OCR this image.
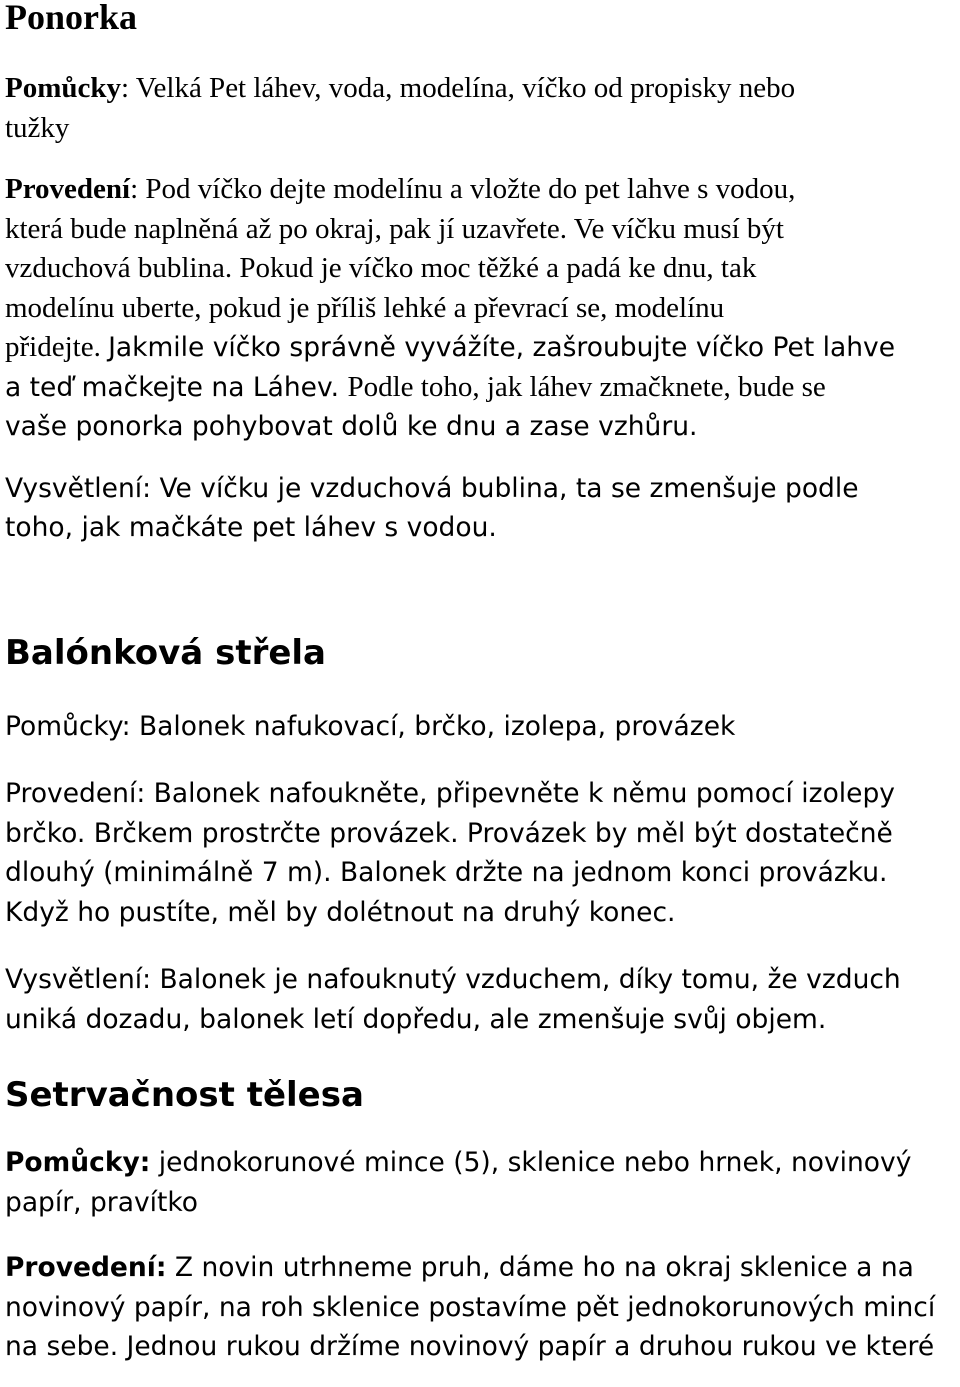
Ponorka

Pomůcky: Velká Pet láhev, voda, modelína, víčko od propisky nebo
tužky

Provedení: Pod víčko dejte modelínu a vložte do pet lahve s vodou,
která bude naplněná až po okraj, pak jí uzavřete. Ve víčku musí být
vzduchová bublina. Pokud je víčko moc těžké a padá ke dnu, tak
modelínu uberte, pokud je příliš lehké a převrací se, modelínu
přidejte. Jakmile víčko správně vyvážíte, zašroubujte víčko Pet lahve
a teď mačkejte na Láhev. Podle toho, jak láhev zmačknete, bude se
vaše ponorka pohybovat dolů ke dnu a zase vzhůru.

Vysvětlení: Ve víčku je vzduchová bublina, ta se zmenšuje podle
toho, jak mačkáte pet láhev s vodou.

Balónková střela

Pomůcky: Balonek nafukovací, brčko, izolepa, provázek

Provedení: Balonek nafoukněte, připevněte k němu pomocí izolepy
brčko. Brčkem prostrčte provázek. Provázek by měl být dostatečně
dlouhý (minimálně 7 m). Balonek držte na jednom konci provázku.
Když ho pustíte, měl by dolétnout na druhý konec.

Vysvětlení: Balonek je nafouknutý vzduchem, díky tomu, že vzduch
uniká dozadu, balonek letí dopředu, ale zmenšuje svůj objem.

Setrvačnost tělesa

Pomůcky: jednokorunové mince (5), sklenice nebo hrnek, novinový
papír, pravítko

Provedení: Z novin utrhneme pruh, dáme ho na okraj sklenice a na
novinový papír, na roh sklenice postavíme pět jednokorunových mincí
na sebe. Jednou rukou držíme novinový papír a druhou rukou ve které
